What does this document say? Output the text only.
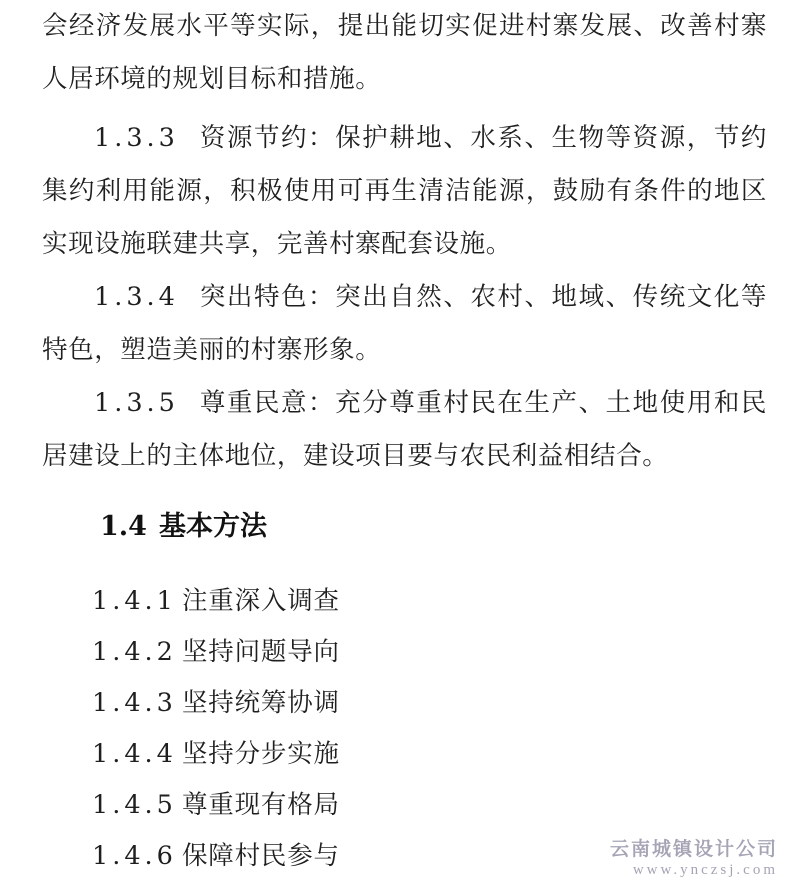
会经济发展水平等实际，提出能切实促进村寨发展、改善村寨人居环境的规划目标和措施。

1.3.3 资源节约：保护耕地、水系、生物等资源，节约集约利用能源，积极使用可再生清洁能源，鼓励有条件的地区实现设施联建共享，完善村寨配套设施。

1.3.4 突出特色：突出自然、农村、地域、传统文化等特色，塑造美丽的村寨形象。

1.3.5 尊重民意：充分尊重村民在生产、土地使用和民居建设上的主体地位，建设项目要与农民利益相结合。

1.4 基本方法
1.4.1 注重深入调查
1.4.2 坚持问题导向
1.4.3 坚持统筹协调
1.4.4 坚持分步实施
1.4.5 尊重现有格局
1.4.6 保障村民参与	云南城镇设计公司
www.ynczsj.com
